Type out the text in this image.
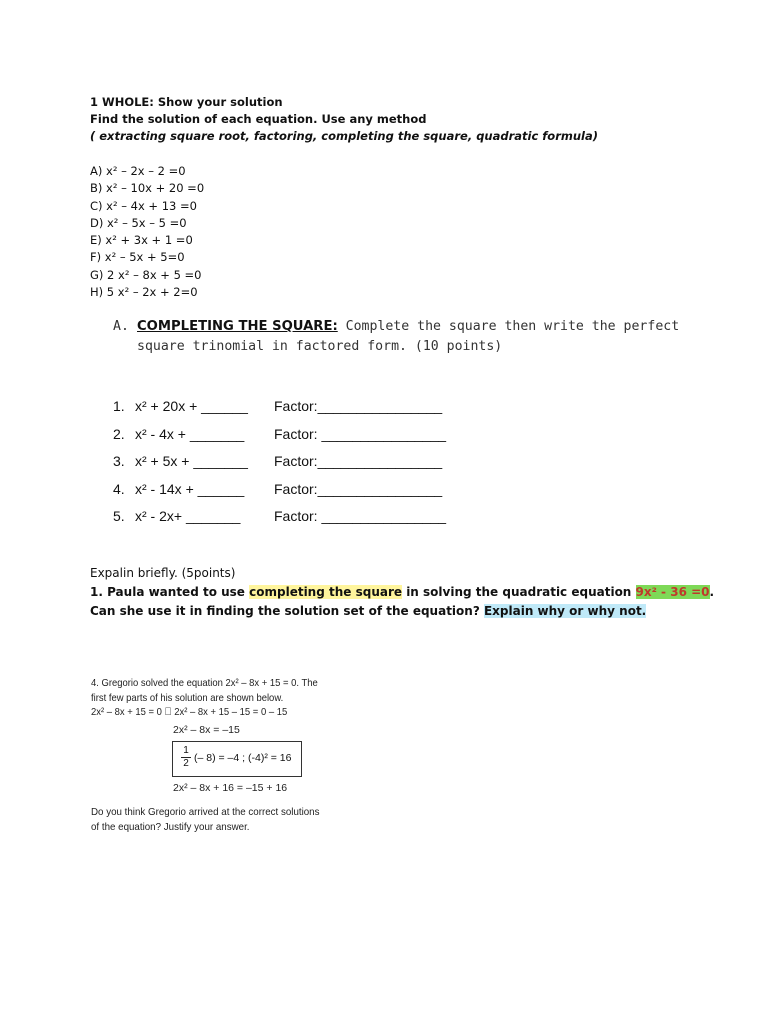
1 WHOLE: Show your solution
Find the solution of each equation. Use any method
( extracting square root, factoring, completing the square, quadratic formula)
A) x² – 2x – 2 =0
B) x² – 10x + 20 =0
C) x² – 4x + 13 =0
D) x² – 5x – 5 =0
E) x² + 3x + 1 =0
F) x² – 5x + 5=0
G) 2 x² – 8x + 5 =0
H) 5 x² – 2x + 2=0
A. COMPLETING THE SQUARE: Complete the square then write the perfect square trinomial in factored form. (10 points)
1. x² + 20x + ______ Factor:________________
2. x² - 4x + _______ Factor: ________________
3. x² + 5x + _______ Factor:________________
4. x² - 14x + ______ Factor:________________
5. x² - 2x+ _______ Factor: ________________
Expalin briefly. (5points)
1. Paula wanted to use completing the square in solving the quadratic equation 9x² - 36 =0.
Can she use it in finding the solution set of the equation? Explain why or why not.
4. Gregorio solved the equation 2x² – 8x + 15 = 0. The
first few parts of his solution are shown below.
2x² – 8x + 15 = 0 ⃞ 2x² – 8x + 15 – 15 = 0 – 15
2x² – 8x = –15
$\frac{1}{2}$ (– 8) = –4 ; (-4)² = 16
2x² – 8x + 16 = –15 + 16
Do you think Gregorio arrived at the correct solutions of the equation? Justify your answer.
